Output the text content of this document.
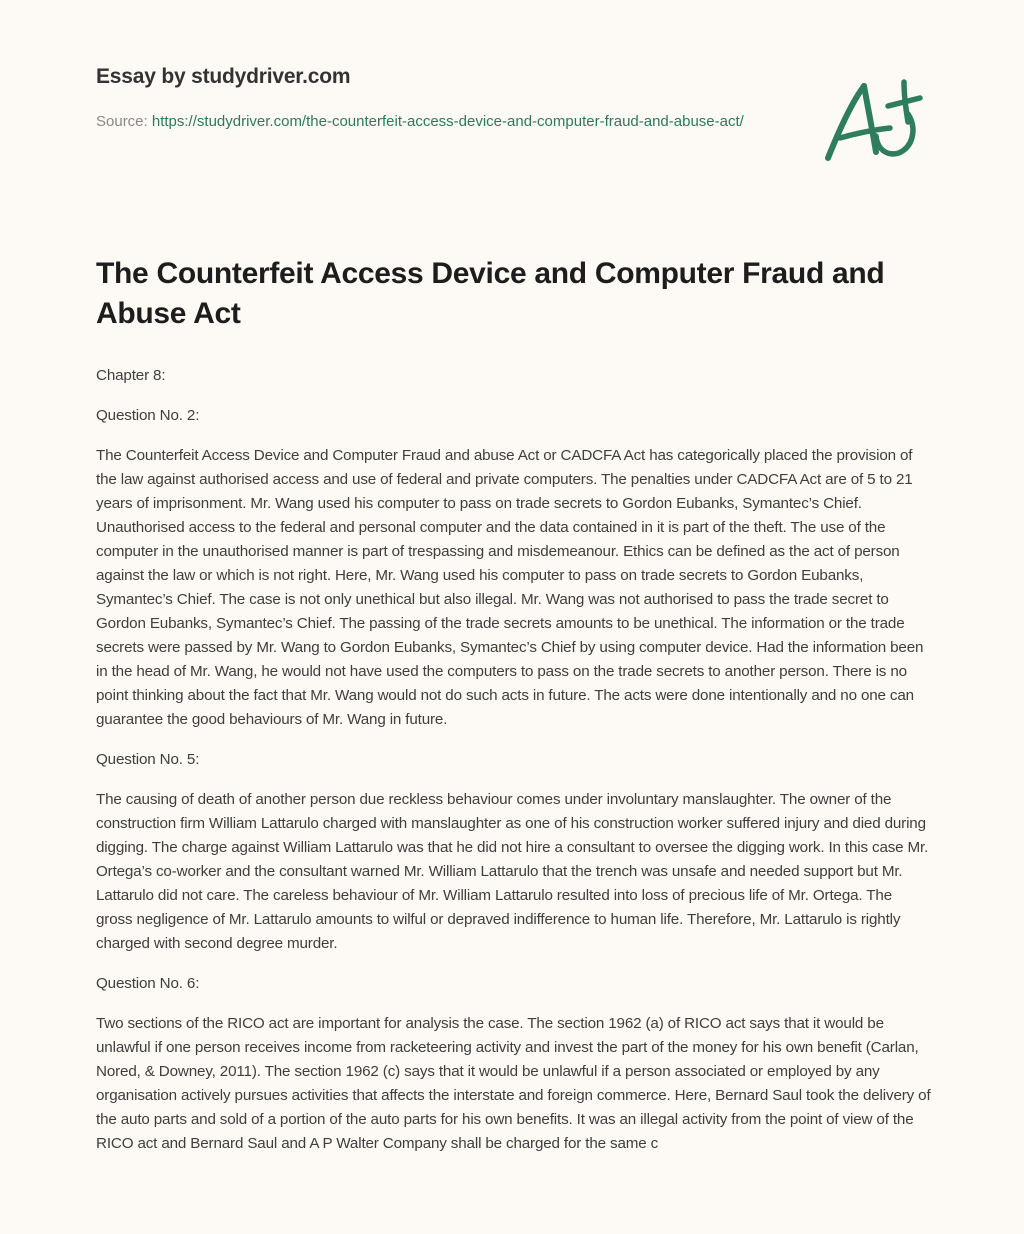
Essay by studydriver.com
Source: https://studydriver.com/the-counterfeit-access-device-and-computer-fraud-and-abuse-act/
The Counterfeit Access Device and Computer Fraud and Abuse Act

Chapter 8:

Question No. 2:

The Counterfeit Access Device and Computer Fraud and abuse Act or CADCFA Act has categorically placed the provision of the law against authorised access and use of federal and private computers. The penalties under CADCFA Act are of 5 to 21 years of imprisonment. Mr. Wang used his computer to pass on trade secrets to Gordon Eubanks, Symantec’s Chief. Unauthorised access to the federal and personal computer and the data contained in it is part of the theft. The use of the computer in the unauthorised manner is part of trespassing and misdemeanour. Ethics can be defined as the act of person against the law or which is not right. Here, Mr. Wang used his computer to pass on trade secrets to Gordon Eubanks, Symantec’s Chief. The case is not only unethical but also illegal. Mr. Wang was not authorised to pass the trade secret to Gordon Eubanks, Symantec’s Chief. The passing of the trade secrets amounts to be unethical. The information or the trade secrets were passed by Mr. Wang to Gordon Eubanks, Symantec’s Chief by using computer device. Had the information been in the head of Mr. Wang, he would not have used the computers to pass on the trade secrets to another person. There is no point thinking about the fact that Mr. Wang would not do such acts in future. The acts were done intentionally and no one can guarantee the good behaviours of Mr. Wang in future.

Question No. 5:

The causing of death of another person due reckless behaviour comes under involuntary manslaughter. The owner of the construction firm William Lattarulo charged with manslaughter as one of his construction worker suffered injury and died during digging. The charge against William Lattarulo was that he did not hire a consultant to oversee the digging work. In this case Mr. Ortega’s co-worker and the consultant warned Mr. William Lattarulo that the trench was unsafe and needed support but Mr. Lattarulo did not care. The careless behaviour of Mr. William Lattarulo resulted into loss of precious life of Mr. Ortega. The gross negligence of Mr. Lattarulo amounts to wilful or depraved indifference to human life. Therefore, Mr. Lattarulo is rightly charged with second degree murder.

Question No. 6:

Two sections of the RICO act are important for analysis the case. The section 1962 (a) of RICO act says that it would be unlawful if one person receives income from racketeering activity and invest the part of the money for his own benefit (Carlan, Nored, & Downey, 2011). The section 1962 (c) says that it would be unlawful if a person associated or employed by any organisation actively pursues activities that affects the interstate and foreign commerce. Here, Bernard Saul took the delivery of the auto parts and sold of a portion of the auto parts for his own benefits. It was an illegal activity from the point of view of the RICO act and Bernard Saul and A P Walter Company shall be charged for the same c
